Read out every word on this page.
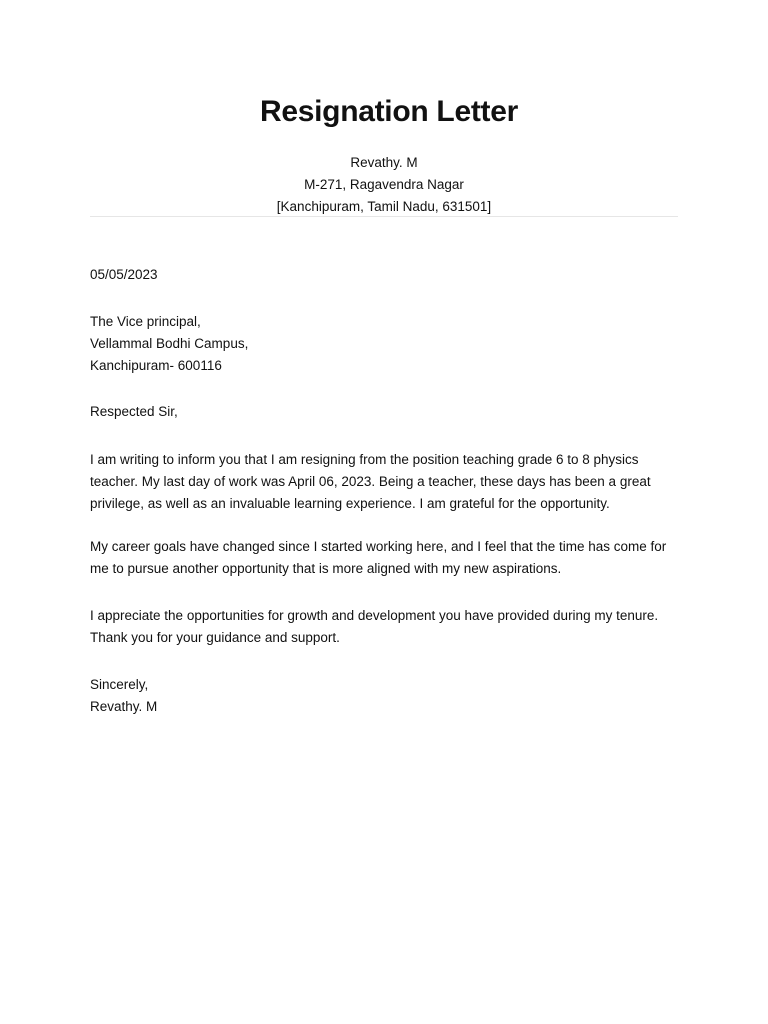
Resignation Letter
Revathy. M
M-271, Ragavendra Nagar
[Kanchipuram, Tamil Nadu, 631501]

05/05/2023

The Vice principal,
Vellammal Bodhi Campus,
Kanchipuram- 600116

Respected Sir,

I am writing to inform you that I am resigning from the position teaching grade 6 to 8 physics teacher. My last day of work was April 06, 2023. Being a teacher, these days has been a great privilege, as well as an invaluable learning experience. I am grateful for the opportunity.

My career goals have changed since I started working here, and I feel that the time has come for me to pursue another opportunity that is more aligned with my new aspirations.

I appreciate the opportunities for growth and development you have provided during my tenure. Thank you for your guidance and support.

Sincerely,
Revathy. M
